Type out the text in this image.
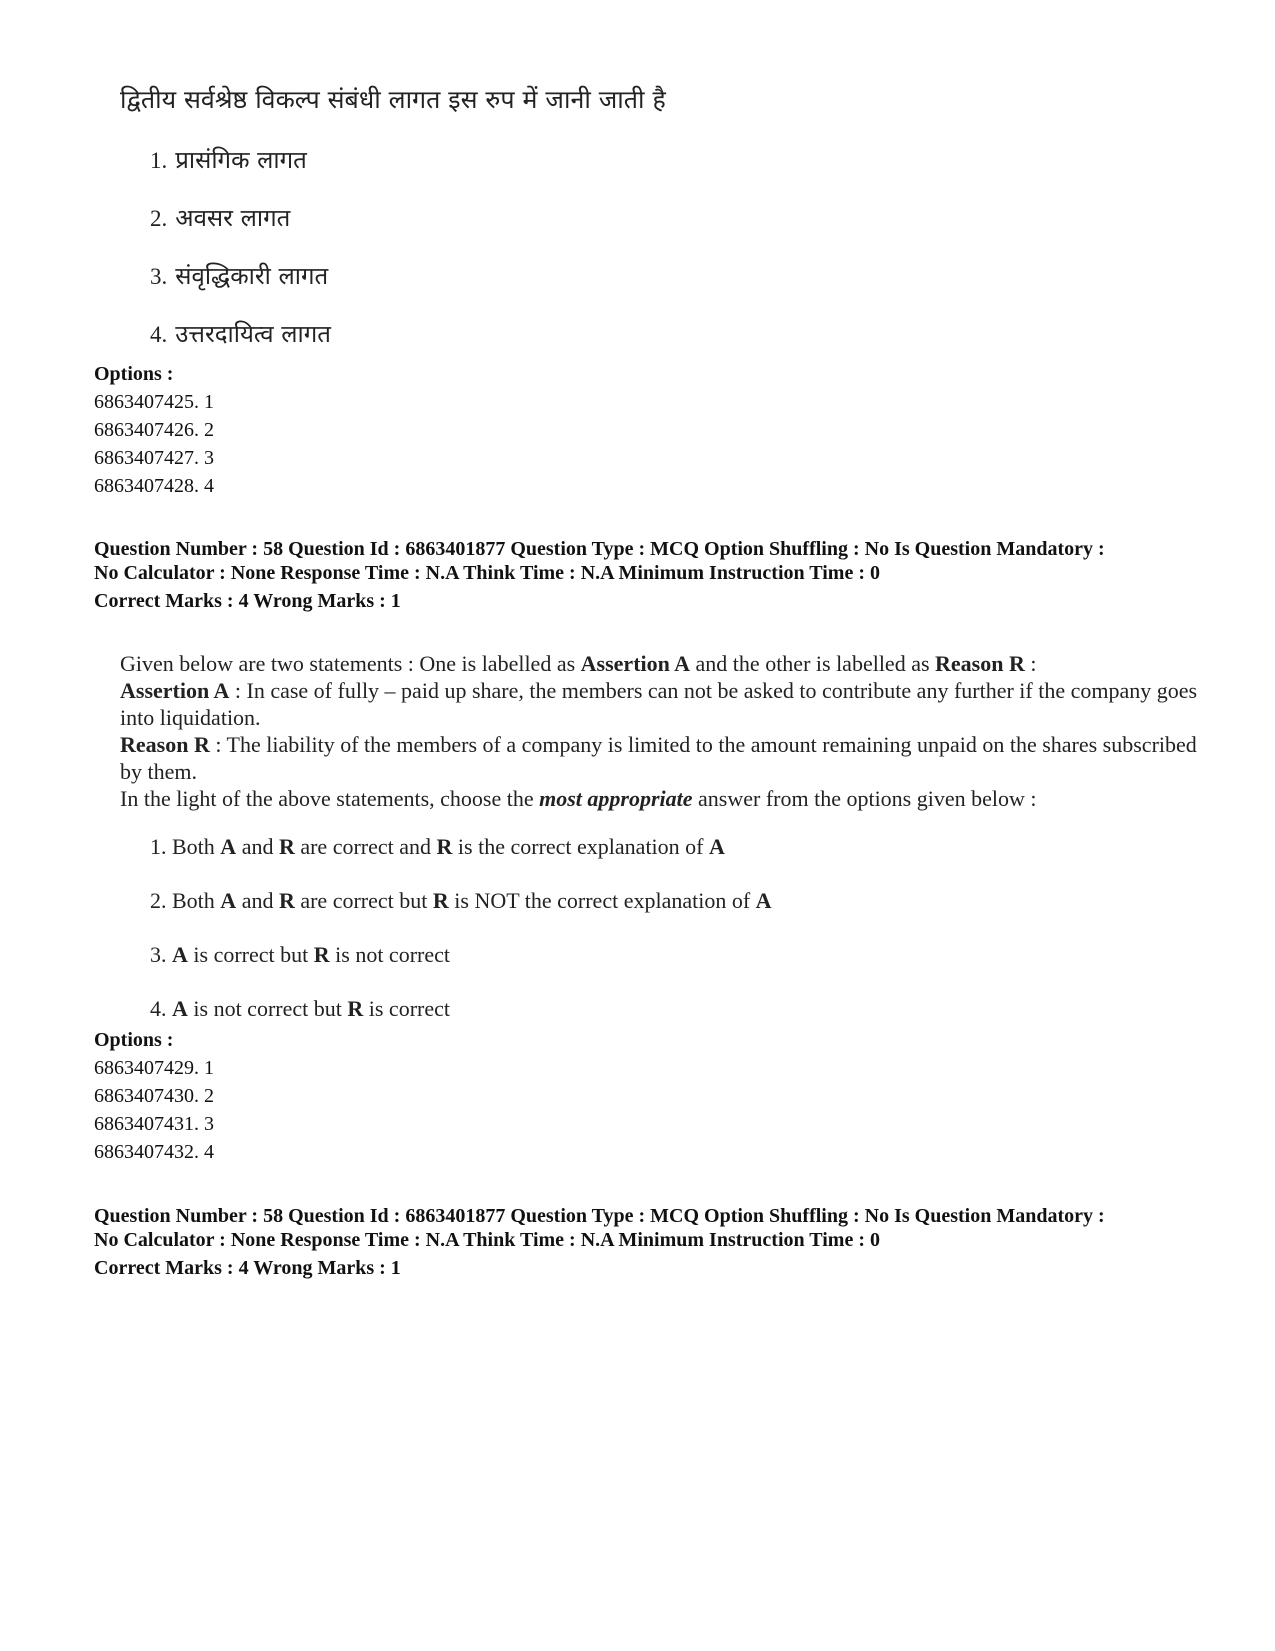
द्वितीय सर्वश्रेष्ठ विकल्प संबंधी लागत इस रुप में जानी जाती है

1. प्रासंगिक लागत
2. अवसर लागत
3. संवृद्धिकारी लागत
4. उत्तरदायित्व लागत
Options :
6863407425. 1
6863407426. 2
6863407427. 3
6863407428. 4
Question Number : 58 Question Id : 6863401877 Question Type : MCQ Option Shuffling : No Is Question Mandatory :
No Calculator : None Response Time : N.A Think Time : N.A Minimum Instruction Time : 0
Correct Marks : 4 Wrong Marks : 1

Given below are two statements : One is labelled as Assertion A and the other is labelled as Reason R :

Assertion A : In case of fully – paid up share, the members can not be asked to contribute any further if the company goes into liquidation.

Reason R : The liability of the members of a company is limited to the amount remaining unpaid on the shares subscribed by them.

In the light of the above statements, choose the most appropriate answer from the options given below :

1. Both A and R are correct and R is the correct explanation of A
2. Both A and R are correct but R is NOT the correct explanation of A
3. A is correct but R is not correct
4. A is not correct but R is correct
Options :
6863407429. 1
6863407430. 2
6863407431. 3
6863407432. 4
Question Number : 58 Question Id : 6863401877 Question Type : MCQ Option Shuffling : No Is Question Mandatory :
No Calculator : None Response Time : N.A Think Time : N.A Minimum Instruction Time : 0
Correct Marks : 4 Wrong Marks : 1
